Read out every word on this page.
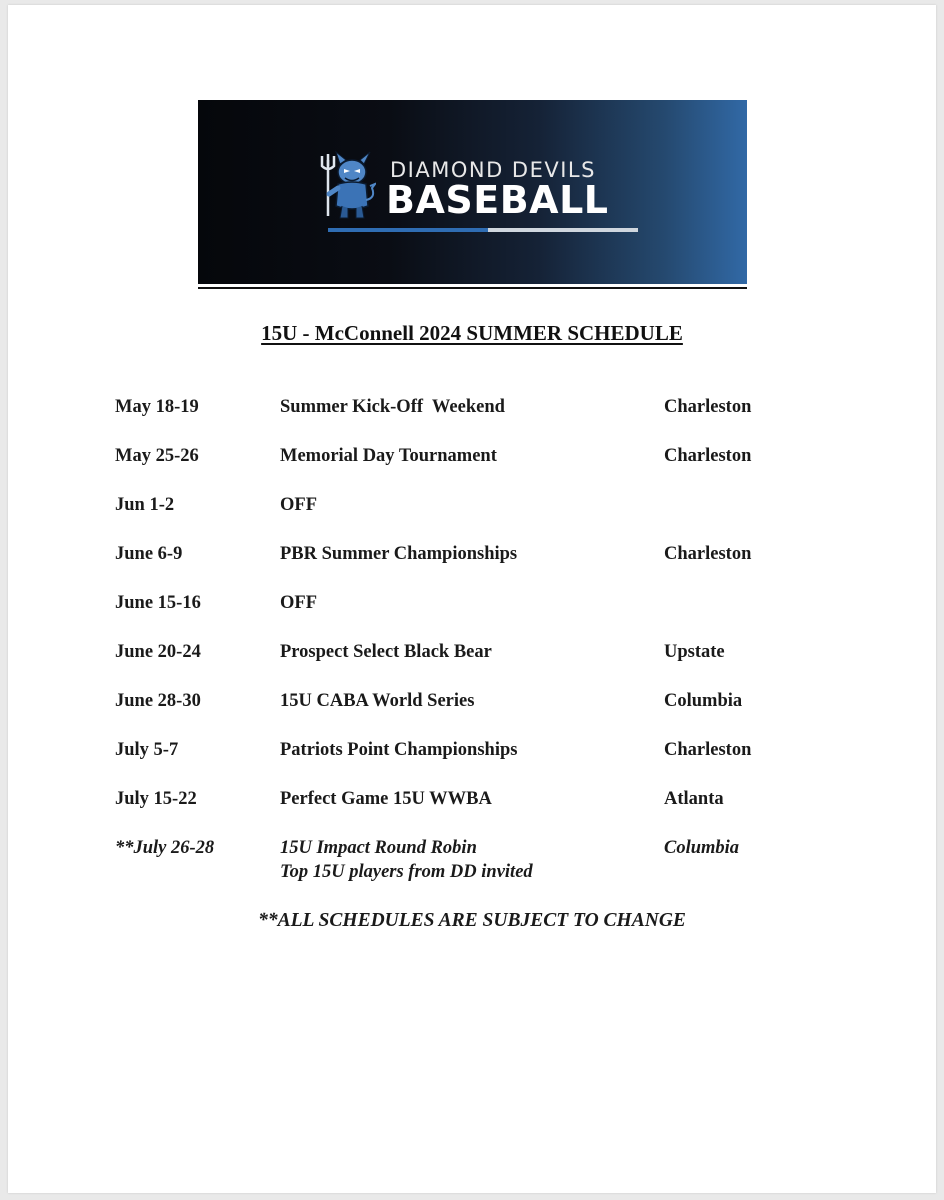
DIAMOND DEVILS
BASEBALL
15U - McConnell 2024 SUMMER SCHEDULE
May 18-19	Summer Kick-Off  Weekend	Charleston
May 25-26	Memorial Day Tournament	Charleston
Jun 1-2	OFF
June 6-9	PBR Summer Championships	Charleston
June 15-16	OFF
June 20-24	Prospect Select Black Bear	Upstate
June 28-30	15U CABA World Series	Columbia
July 5-7	Patriots Point Championships	Charleston
July 15-22	Perfect Game 15U WWBA	Atlanta
**July 26-28	15U Impact Round Robin	Columbia
Top 15U players from DD invited
**ALL SCHEDULES ARE SUBJECT TO CHANGE
